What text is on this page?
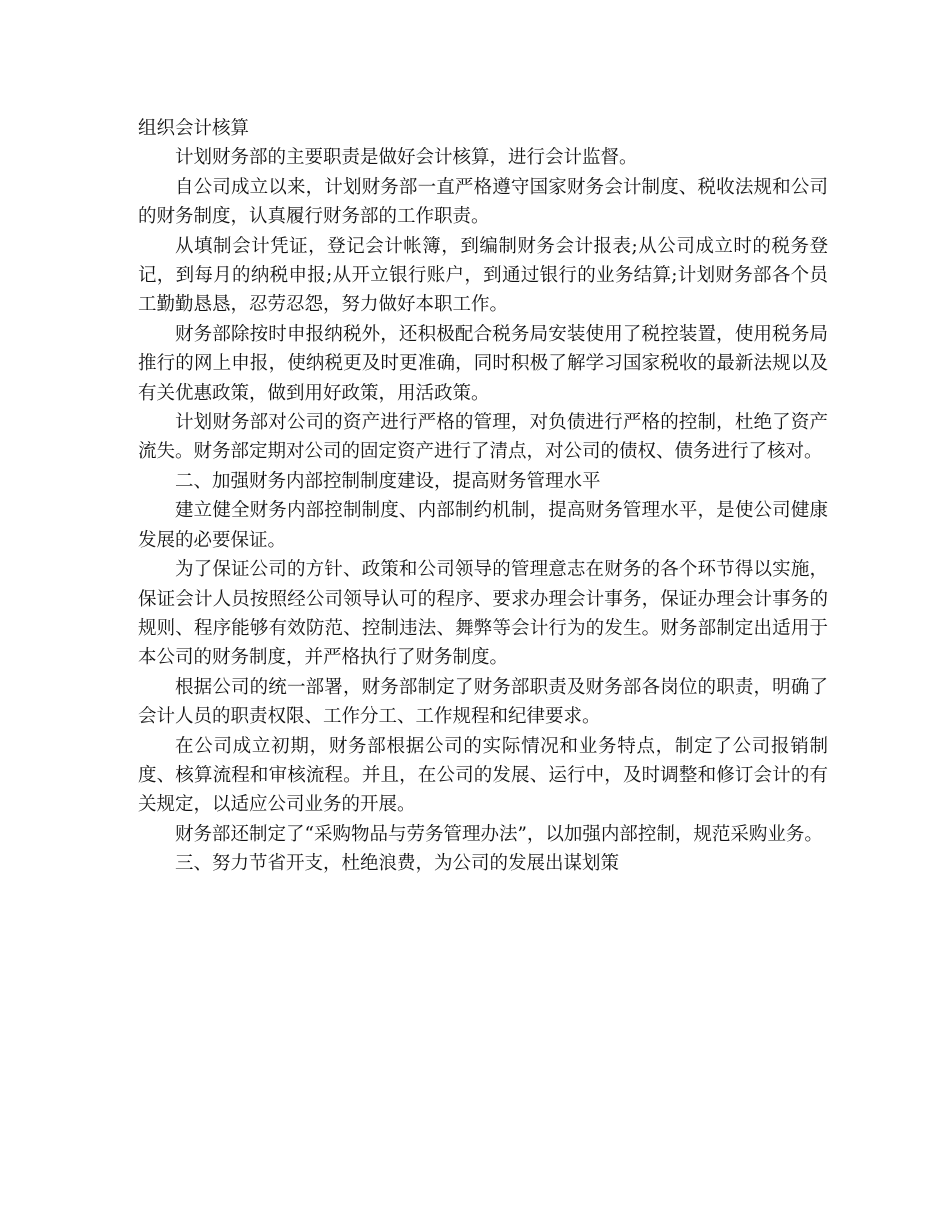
组织会计核算

计划财务部的主要职责是做好会计核算，进行会计监督。

自公司成立以来，计划财务部一直严格遵守国家财务会计制度、税收法规和公司的财务制度，认真履行财务部的工作职责。

从填制会计凭证，登记会计帐簿，到编制财务会计报表;从公司成立时的税务登记，到每月的纳税申报;从开立银行账户，到通过银行的业务结算;计划财务部各个员工勤勤恳恳，忍劳忍怨，努力做好本职工作。

财务部除按时申报纳税外，还积极配合税务局安装使用了税控装置，使用税务局推行的网上申报，使纳税更及时更准确，同时积极了解学习国家税收的最新法规以及有关优惠政策，做到用好政策，用活政策。

计划财务部对公司的资产进行严格的管理，对负债进行严格的控制，杜绝了资产流失。财务部定期对公司的固定资产进行了清点，对公司的债权、债务进行了核对。

二、加强财务内部控制制度建设，提高财务管理水平

建立健全财务内部控制制度、内部制约机制，提高财务管理水平，是使公司健康发展的必要保证。

为了保证公司的方针、政策和公司领导的管理意志在财务的各个环节得以实施，保证会计人员按照经公司领导认可的程序、要求办理会计事务，保证办理会计事务的规则、程序能够有效防范、控制违法、舞弊等会计行为的发生。财务部制定出适用于本公司的财务制度，并严格执行了财务制度。

根据公司的统一部署，财务部制定了财务部职责及财务部各岗位的职责，明确了会计人员的职责权限、工作分工、工作规程和纪律要求。

在公司成立初期，财务部根据公司的实际情况和业务特点，制定了公司报销制度、核算流程和审核流程。并且，在公司的发展、运行中，及时调整和修订会计的有关规定，以适应公司业务的开展。

财务部还制定了“采购物品与劳务管理办法”，以加强内部控制，规范采购业务。

三、努力节省开支，杜绝浪费，为公司的发展出谋划策
